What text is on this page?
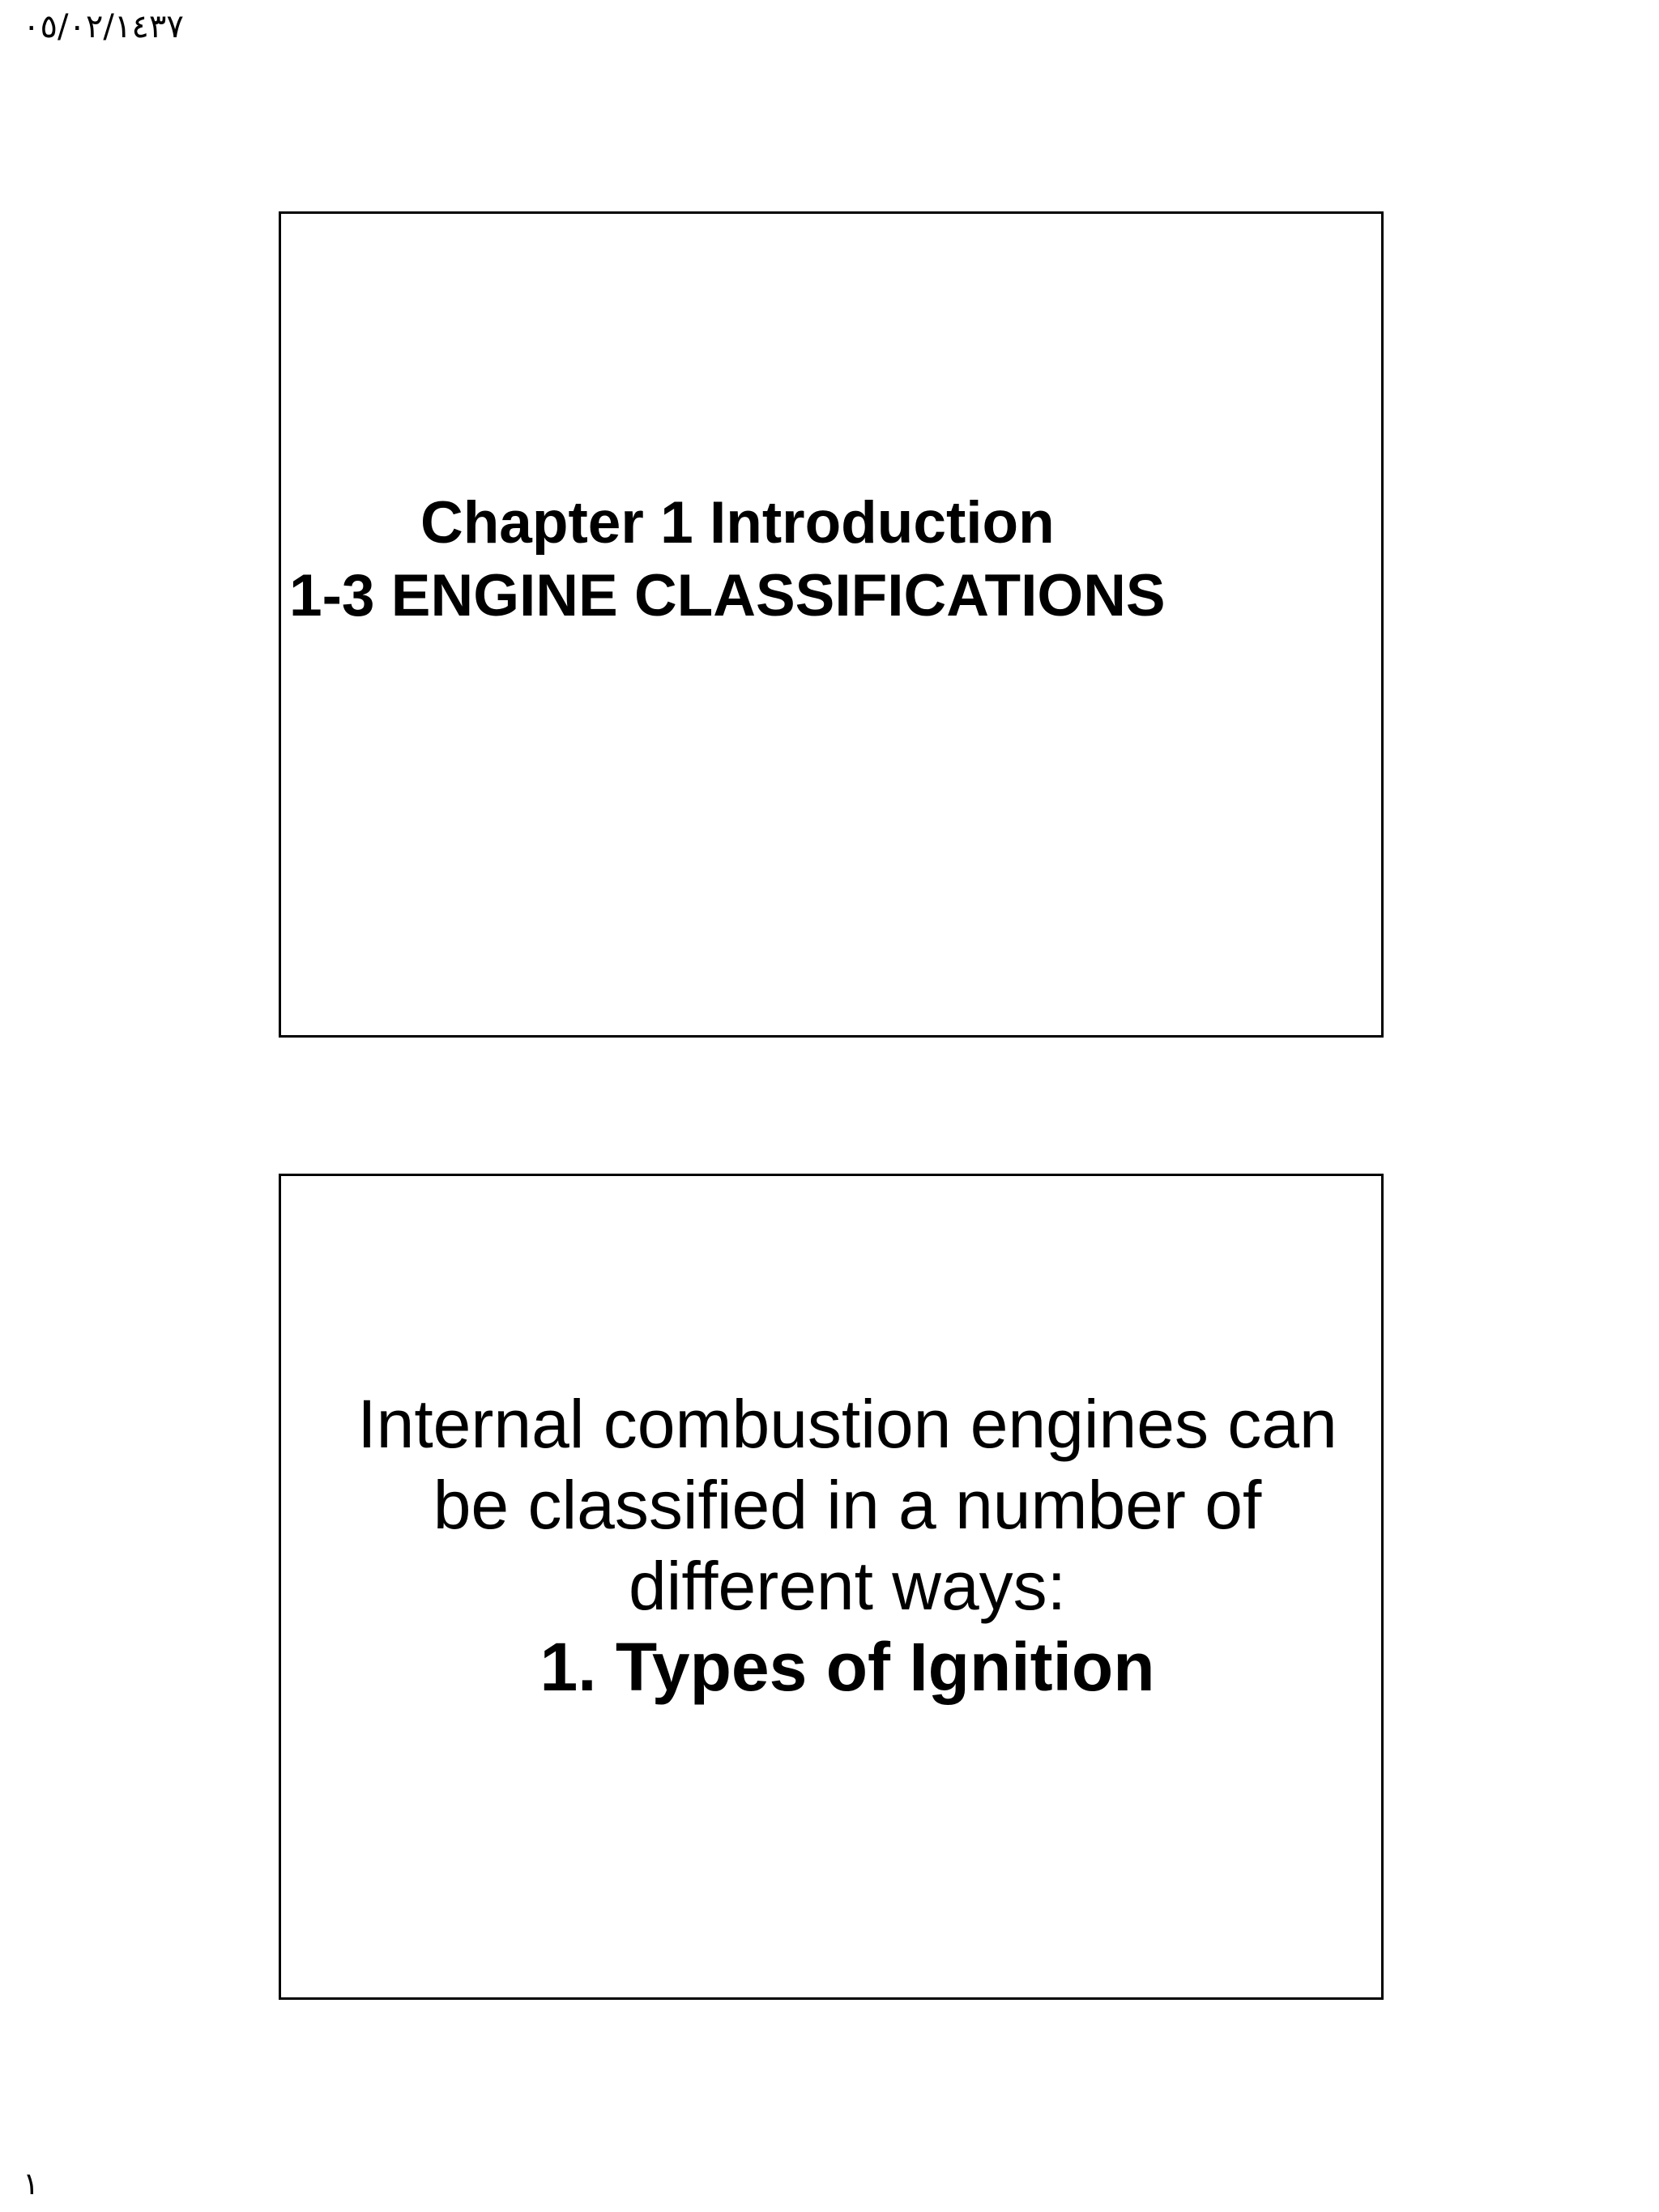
٠٥/٠٢/١٤٣٧
Chapter 1 Introduction
1-3 ENGINE CLASSIFICATIONS
Internal combustion engines can
be classified in a number of
different ways:
1. Types of Ignition
١
